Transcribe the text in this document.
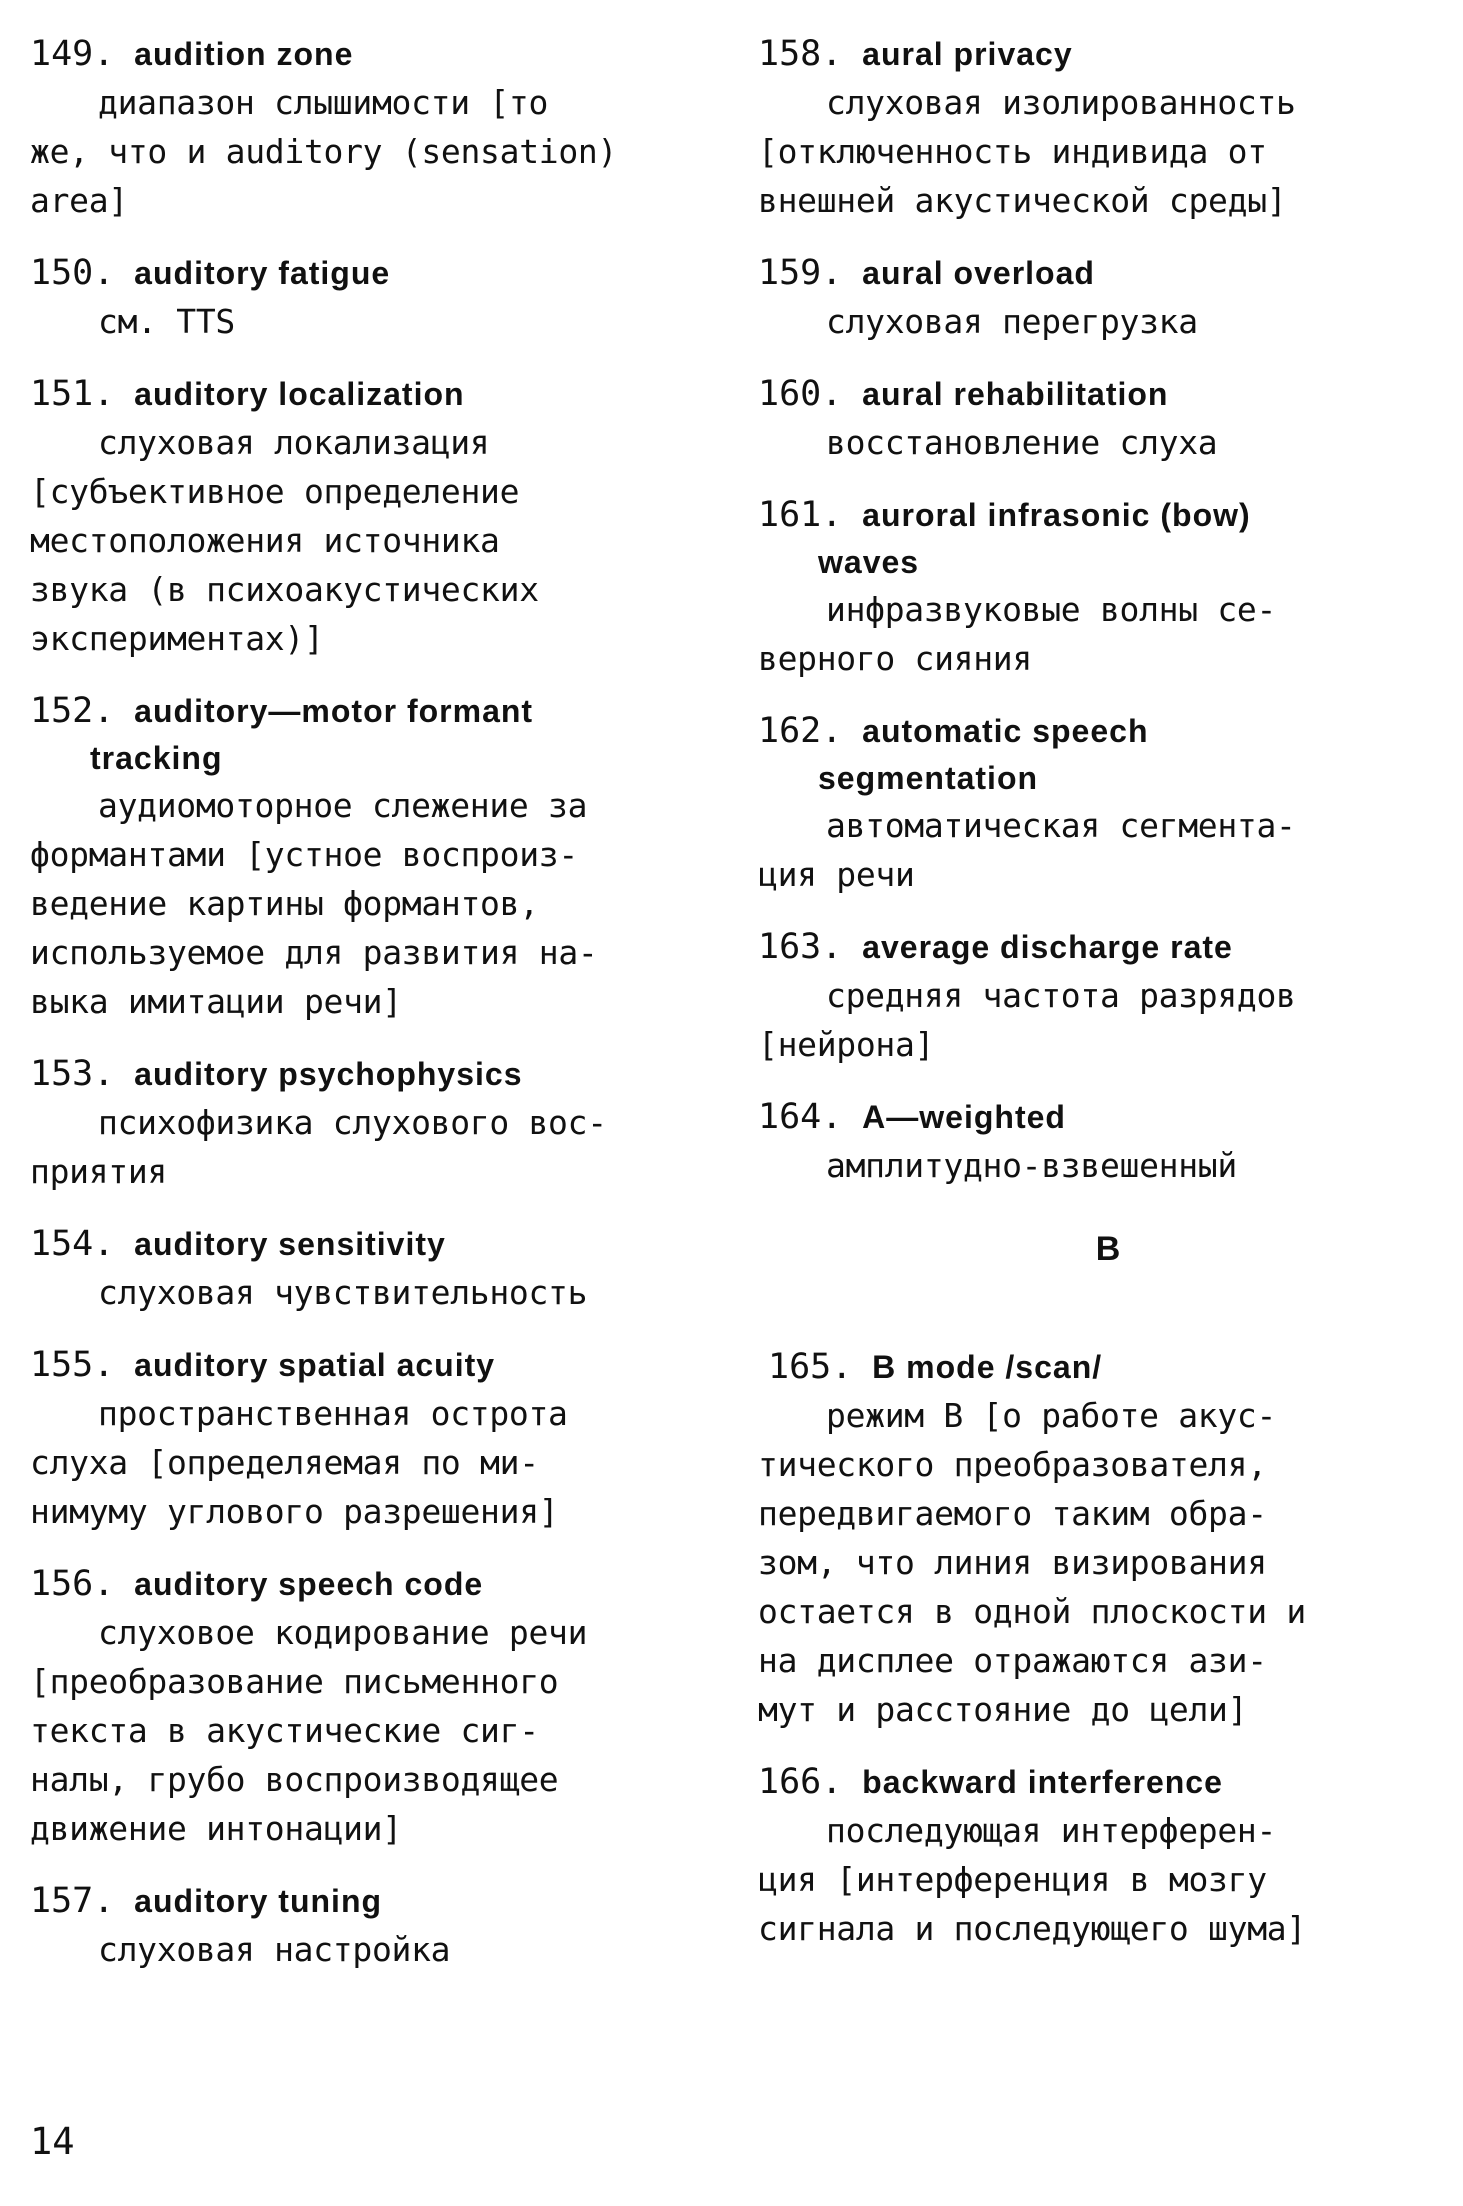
149. audition zone
диапазон слышимости [то
же, что и auditory (sensation)
area]
150. auditory fatigue
см. TTS
151. auditory localization
слуховая локализация
[субъективное определение
местоположения источника
звука (в психоакустических
экспериментах)]
152. auditory—motor formant
tracking
аудиомоторное слежение за
формантами [устное воспроиз-
ведение картины формантов,
используемое для развития на-
выка имитации речи]
153. auditory psychophysics
психофизика слухового вос-
приятия
154. auditory sensitivity
слуховая чувствительность
155. auditory spatial acuity
пространственная острота
слуха [определяемая по ми-
нимуму углового разрешения]
156. auditory speech code
слуховое кодирование речи
[преобразование письменного
текста в акустические сиг-
налы, грубо воспроизводящее
движение интонации]
157. auditory tuning
слуховая настройка
158. aural privacy
слуховая изолированность
[отключенность индивида от
внешней акустической среды]
159. aural overload
слуховая перегрузка
160. aural rehabilitation
восстановление слуха
161. auroral infrasonic (bow)
waves
инфразвуковые волны се-
верного сияния
162. automatic speech
segmentation
автоматическая сегмента-
ция речи
163. average discharge rate
средняя частота разрядов
[нейрона]
164. A—weighted
амплитудно-взвешенный
B
165. B mode /scan/
режим В [о работе акус-
тического преобразователя,
передвигаемого таким обра-
зом, что линия визирования
остается в одной плоскости и
на дисплее отражаются ази-
мут и расстояние до цели]
166. backward interference
последующая интерферен-
ция [интерференция в мозгу
сигнала и последующего шума]
14
